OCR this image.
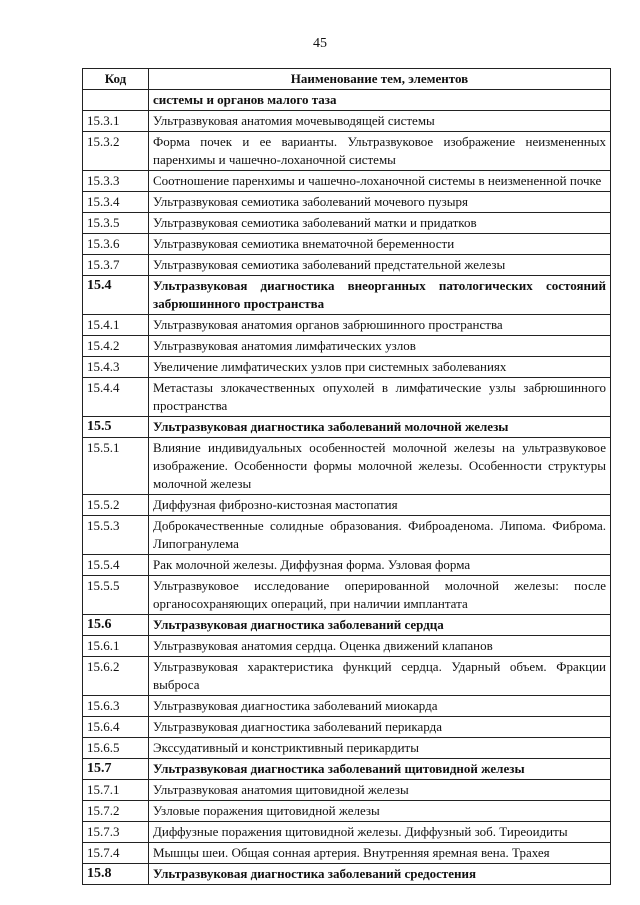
45
Код	Наименование тем, элементов
	системы и органов малого таза
15.3.1	Ультразвуковая анатомия мочевыводящей системы
15.3.2	Форма почек и ее варианты. Ультразвуковое изображение неизмененных паренхимы и чашечно-лоханочной системы
15.3.3	Соотношение паренхимы и чашечно-лоханочной системы в неизмененной почке
15.3.4	Ультразвуковая семиотика заболеваний мочевого пузыря
15.3.5	Ультразвуковая семиотика заболеваний матки и придатков
15.3.6	Ультразвуковая семиотика внематочной беременности
15.3.7	Ультразвуковая семиотика заболеваний предстательной железы
15.4	Ультразвуковая диагностика внеорганных патологических состояний забрюшинного пространства
15.4.1	Ультразвуковая анатомия органов забрюшинного пространства
15.4.2	Ультразвуковая анатомия лимфатических узлов
15.4.3	Увеличение лимфатических узлов при системных заболеваниях
15.4.4	Метастазы злокачественных опухолей в лимфатические узлы забрюшинного пространства
15.5	Ультразвуковая диагностика заболеваний молочной железы
15.5.1	Влияние индивидуальных особенностей молочной железы на ультразвуковое изображение. Особенности формы молочной железы. Особенности структуры молочной железы
15.5.2	Диффузная фиброзно-кистозная мастопатия
15.5.3	Доброкачественные солидные образования. Фиброаденома. Липома. Фиброма. Липогранулема
15.5.4	Рак молочной железы. Диффузная форма. Узловая форма
15.5.5	Ультразвуковое исследование оперированной молочной железы: после органосохраняющих операций, при наличии имплантата
15.6	Ультразвуковая диагностика заболеваний сердца
15.6.1	Ультразвуковая анатомия сердца. Оценка движений клапанов
15.6.2	Ультразвуковая характеристика функций сердца. Ударный объем. Фракции выброса
15.6.3	Ультразвуковая диагностика заболеваний миокарда
15.6.4	Ультразвуковая диагностика заболеваний перикарда
15.6.5	Экссудативный и констриктивный перикардиты
15.7	Ультразвуковая диагностика заболеваний щитовидной железы
15.7.1	Ультразвуковая анатомия щитовидной железы
15.7.2	Узловые поражения щитовидной железы
15.7.3	Диффузные поражения щитовидной железы. Диффузный зоб. Тиреоидиты
15.7.4	Мышцы шеи. Общая сонная артерия. Внутренняя яремная вена. Трахея
15.8	Ультразвуковая диагностика заболеваний средостения
